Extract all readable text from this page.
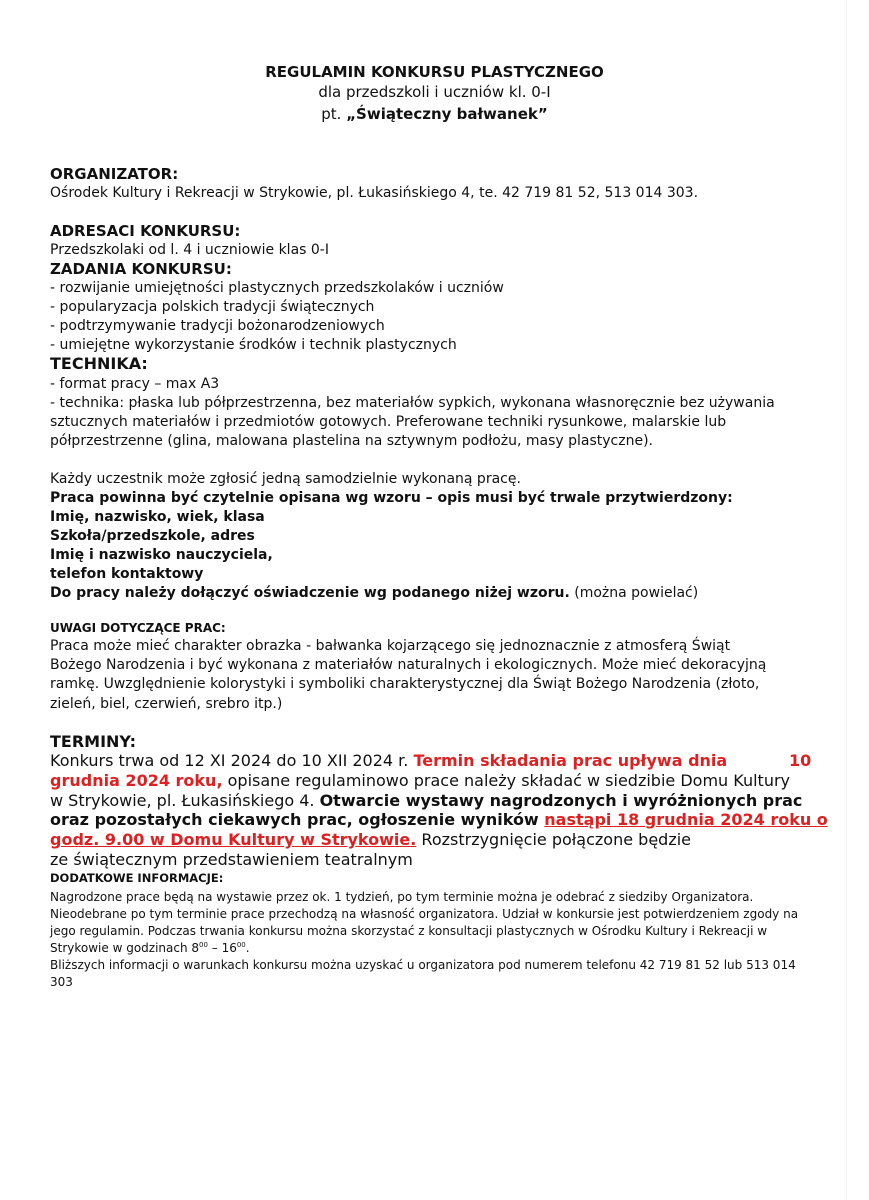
REGULAMIN KONKURSU PLASTYCZNEGO
dla przedszkoli i uczniów kl. 0-I
pt. „Świąteczny bałwanek”
ORGANIZATOR:
Ośrodek Kultury i Rekreacji w Strykowie, pl. Łukasińskiego 4, te. 42 719 81 52, 513 014 303.
ADRESACI KONKURSU:
Przedszkolaki od l. 4 i uczniowie klas 0-I
ZADANIA KONKURSU:
- rozwijanie umiejętności plastycznych przedszkolaków i uczniów
- popularyzacja polskich tradycji świątecznych
- podtrzymywanie tradycji bożonarodzeniowych
- umiejętne wykorzystanie środków i technik plastycznych
TECHNIKA:
- format pracy – max A3

- technika: płaska lub półprzestrzenna, bez materiałów sypkich, wykonana własnoręcznie bez używania sztucznych materiałów i przedmiotów gotowych. Preferowane techniki rysunkowe, malarskie lub półprzestrzenne (glina, malowana plastelina na sztywnym podłożu, masy plastyczne).

Każdy uczestnik może zgłosić jedną samodzielnie wykonaną pracę.
Praca powinna być czytelnie opisana wg wzoru – opis musi być trwale przytwierdzony:
Imię, nazwisko, wiek, klasa
Szkoła/przedszkole, adres
Imię i nazwisko nauczyciela,
telefon kontaktowy
Do pracy należy dołączyć oświadczenie wg podanego niżej wzoru. (można powielać)
UWAGI DOTYCZĄCE PRAC:

Praca może mieć charakter obrazka - bałwanka kojarzącego się jednoznacznie z atmosferą Świąt Bożego Narodzenia i być wykonana z materiałów naturalnych i ekologicznych. Może mieć dekoracyjną ramkę. Uwzględnienie kolorystyki i symboliki charakterystycznej dla Świąt Bożego Narodzenia (złoto, zieleń, biel, czerwień, srebro itp.)

TERMINY:
Konkurs trwa od 12 XI 2024 do 10 XII 2024 r. Termin składania prac upływa dnia	10
grudnia 2024 roku, opisane regulaminowo prace należy składać w siedzibie Domu Kultury
w Strykowie, pl. Łukasińskiego 4. Otwarcie wystawy nagrodzonych i wyróżnionych prac
oraz pozostałych ciekawych prac, ogłoszenie wyników nastąpi 18 grudnia 2024 roku o
godz. 9.00 w Domu Kultury w Strykowie. Rozstrzygnięcie połączone będzie
ze świątecznym przedstawieniem teatralnym
DODATKOWE INFORMACJE:

Nagrodzone prace będą na wystawie przez ok. 1 tydzień, po tym terminie można je odebrać z siedziby Organizatora. Nieodebrane po tym terminie prace przechodzą na własność organizatora. Udział w konkursie jest potwierdzeniem zgody na jego regulamin. Podczas trwania konkursu można skorzystać z konsultacji plastycznych w Ośrodku Kultury i Rekreacji w Strykowie w godzinach $8^{00} - 16^{00}$.

Bliższych informacji o warunkach konkursu można uzyskać u organizatora pod numerem telefonu 42 719 81 52 lub 513 014 303
